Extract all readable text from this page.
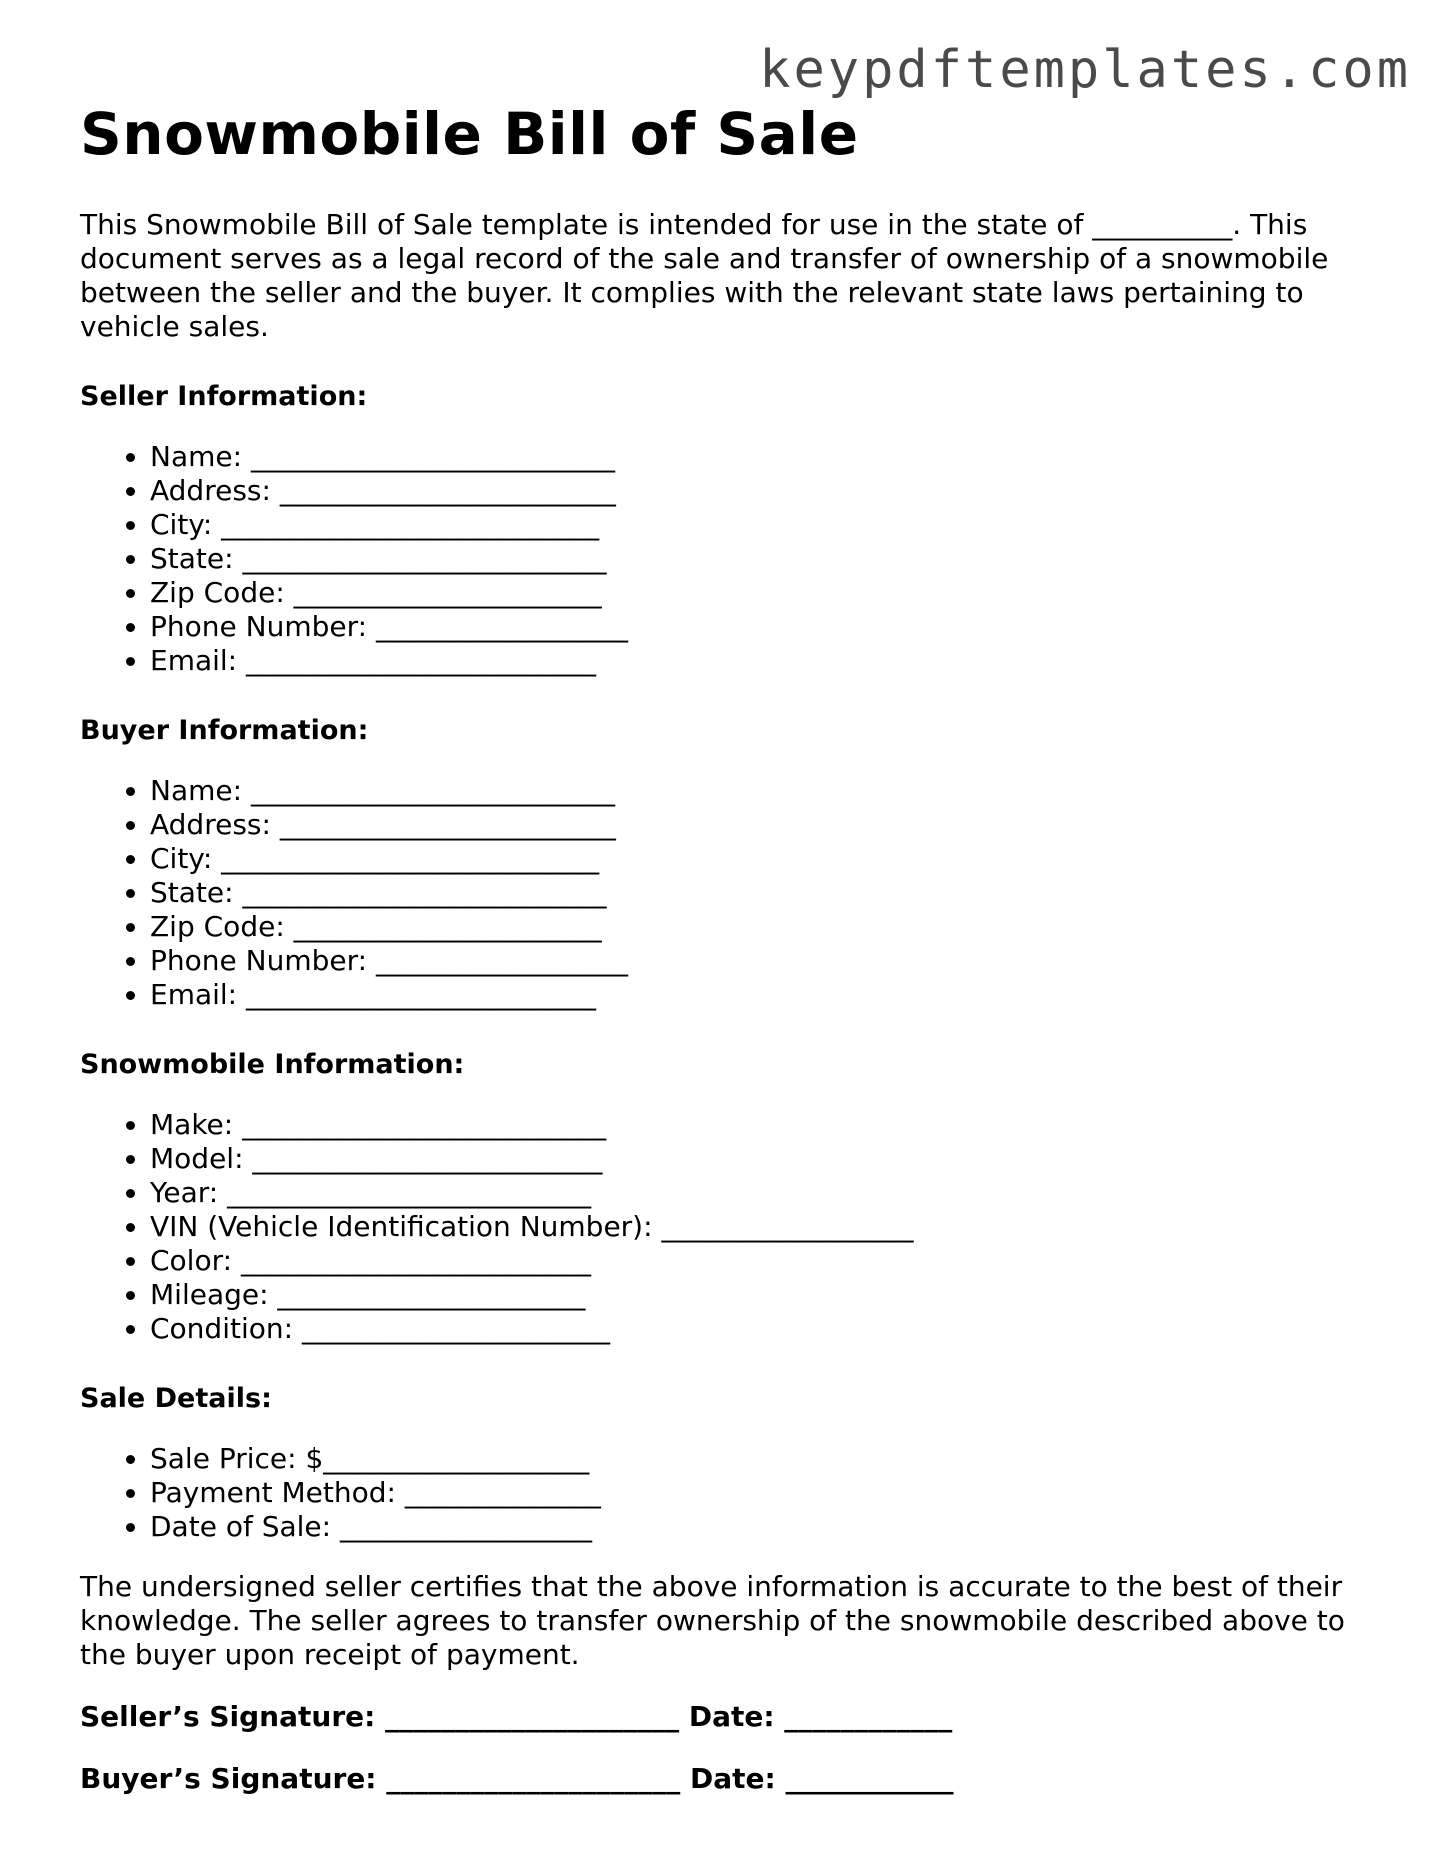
keypdftemplates.com
Snowmobile Bill of Sale

This Snowmobile Bill of Sale template is intended for use in the state of __________. This document serves as a legal record of the sale and transfer of ownership of a snowmobile between the seller and the buyer. It complies with the relevant state laws pertaining to vehicle sales.

Seller Information:
• Name: __________________________
• Address: ________________________
• City: ___________________________
• State: __________________________
• Zip Code: ______________________
• Phone Number: __________________
• Email: _________________________
Buyer Information:
• Name: __________________________
• Address: ________________________
• City: ___________________________
• State: __________________________
• Zip Code: ______________________
• Phone Number: __________________
• Email: _________________________
Snowmobile Information:
• Make: __________________________
• Model: _________________________
• Year: __________________________
• VIN (Vehicle Identification Number): __________________
• Color: _________________________
• Mileage: ______________________
• Condition: ______________________
Sale Details:
• Sale Price: $___________________
• Payment Method: ______________
• Date of Sale: __________________

The undersigned seller certifies that the above information is accurate to the best of their knowledge. The seller agrees to transfer ownership of the snowmobile described above to the buyer upon receipt of payment.

Seller’s Signature: _____________________ Date: ____________

Buyer’s Signature: _____________________ Date: ____________
